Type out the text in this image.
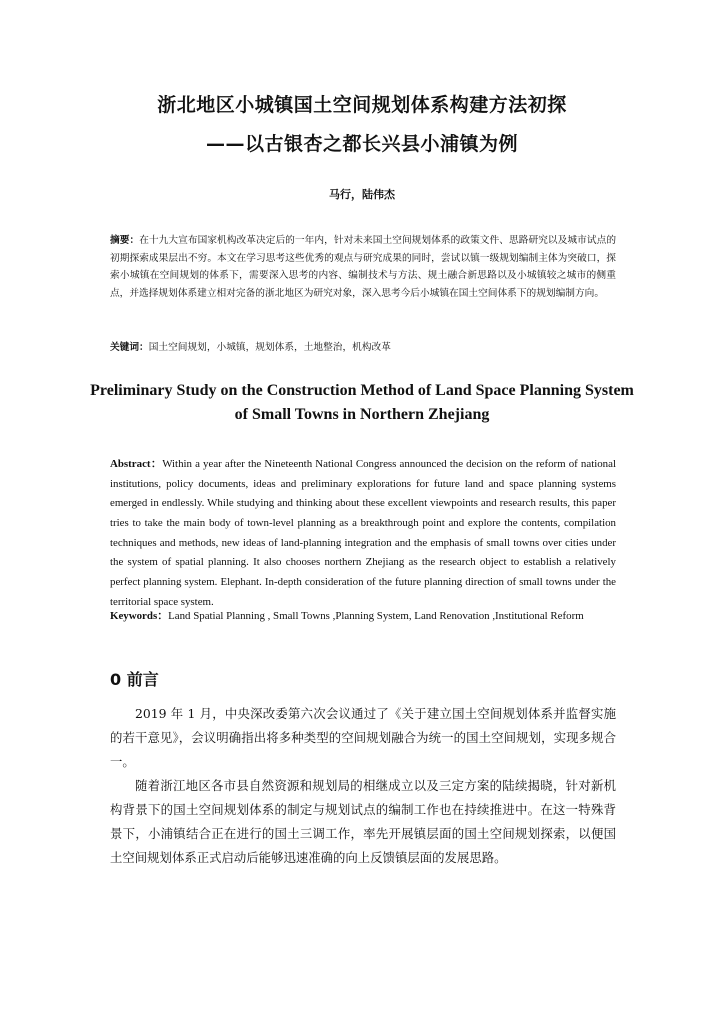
浙北地区小城镇国土空间规划体系构建方法初探
——以古银杏之都长兴县小浦镇为例
马行，陆伟杰
摘要：在十九大宣布国家机构改革决定后的一年内，针对未来国土空间规划体系的政策文件、思路研究以及城市试点的初期探索成果层出不穷。本文在学习思考这些优秀的观点与研究成果的同时，尝试以镇一级规划编制主体为突破口，探索小城镇在空间规划的体系下，需要深入思考的内容、编制技术与方法、规土融合新思路以及小城镇较之城市的侧重点，并选择规划体系建立相对完备的浙北地区为研究对象，深入思考今后小城镇在国土空间体系下的规划编制方向。
关键词：国土空间规划，小城镇，规划体系，土地整治，机构改革
Preliminary Study on the Construction Method of Land Space Planning System
of Small Towns in Northern Zhejiang
Abstract：Within a year after the Nineteenth National Congress announced the decision on the reform of national institutions, policy documents, ideas and preliminary explorations for future land and space planning systems emerged in endlessly. While studying and thinking about these excellent viewpoints and research results, this paper tries to take the main body of town-level planning as a breakthrough point and explore the contents, compilation techniques and methods, new ideas of land-planning integration and the emphasis of small towns over cities under the system of spatial planning. It also chooses northern Zhejiang as the research object to establish a relatively perfect planning system. Elephant. In-depth consideration of the future planning direction of small towns under the territorial space system.
Keywords：Land Spatial Planning , Small Towns ,Planning System, Land Renovation ,Institutional Reform
0 前言
2019 年 1 月，中央深改委第六次会议通过了《关于建立国土空间规划体系并监督实施的若干意见》，会议明确指出将多种类型的空间规划融合为统一的国土空间规划，实现多规合一。
随着浙江地区各市县自然资源和规划局的相继成立以及三定方案的陆续揭晓，针对新机构背景下的国土空间规划体系的制定与规划试点的编制工作也在持续推进中。在这一特殊背景下，小浦镇结合正在进行的国土三调工作，率先开展镇层面的国土空间规划探索，以便国土空间规划体系正式启动后能够迅速准确的向上反馈镇层面的发展思路。
